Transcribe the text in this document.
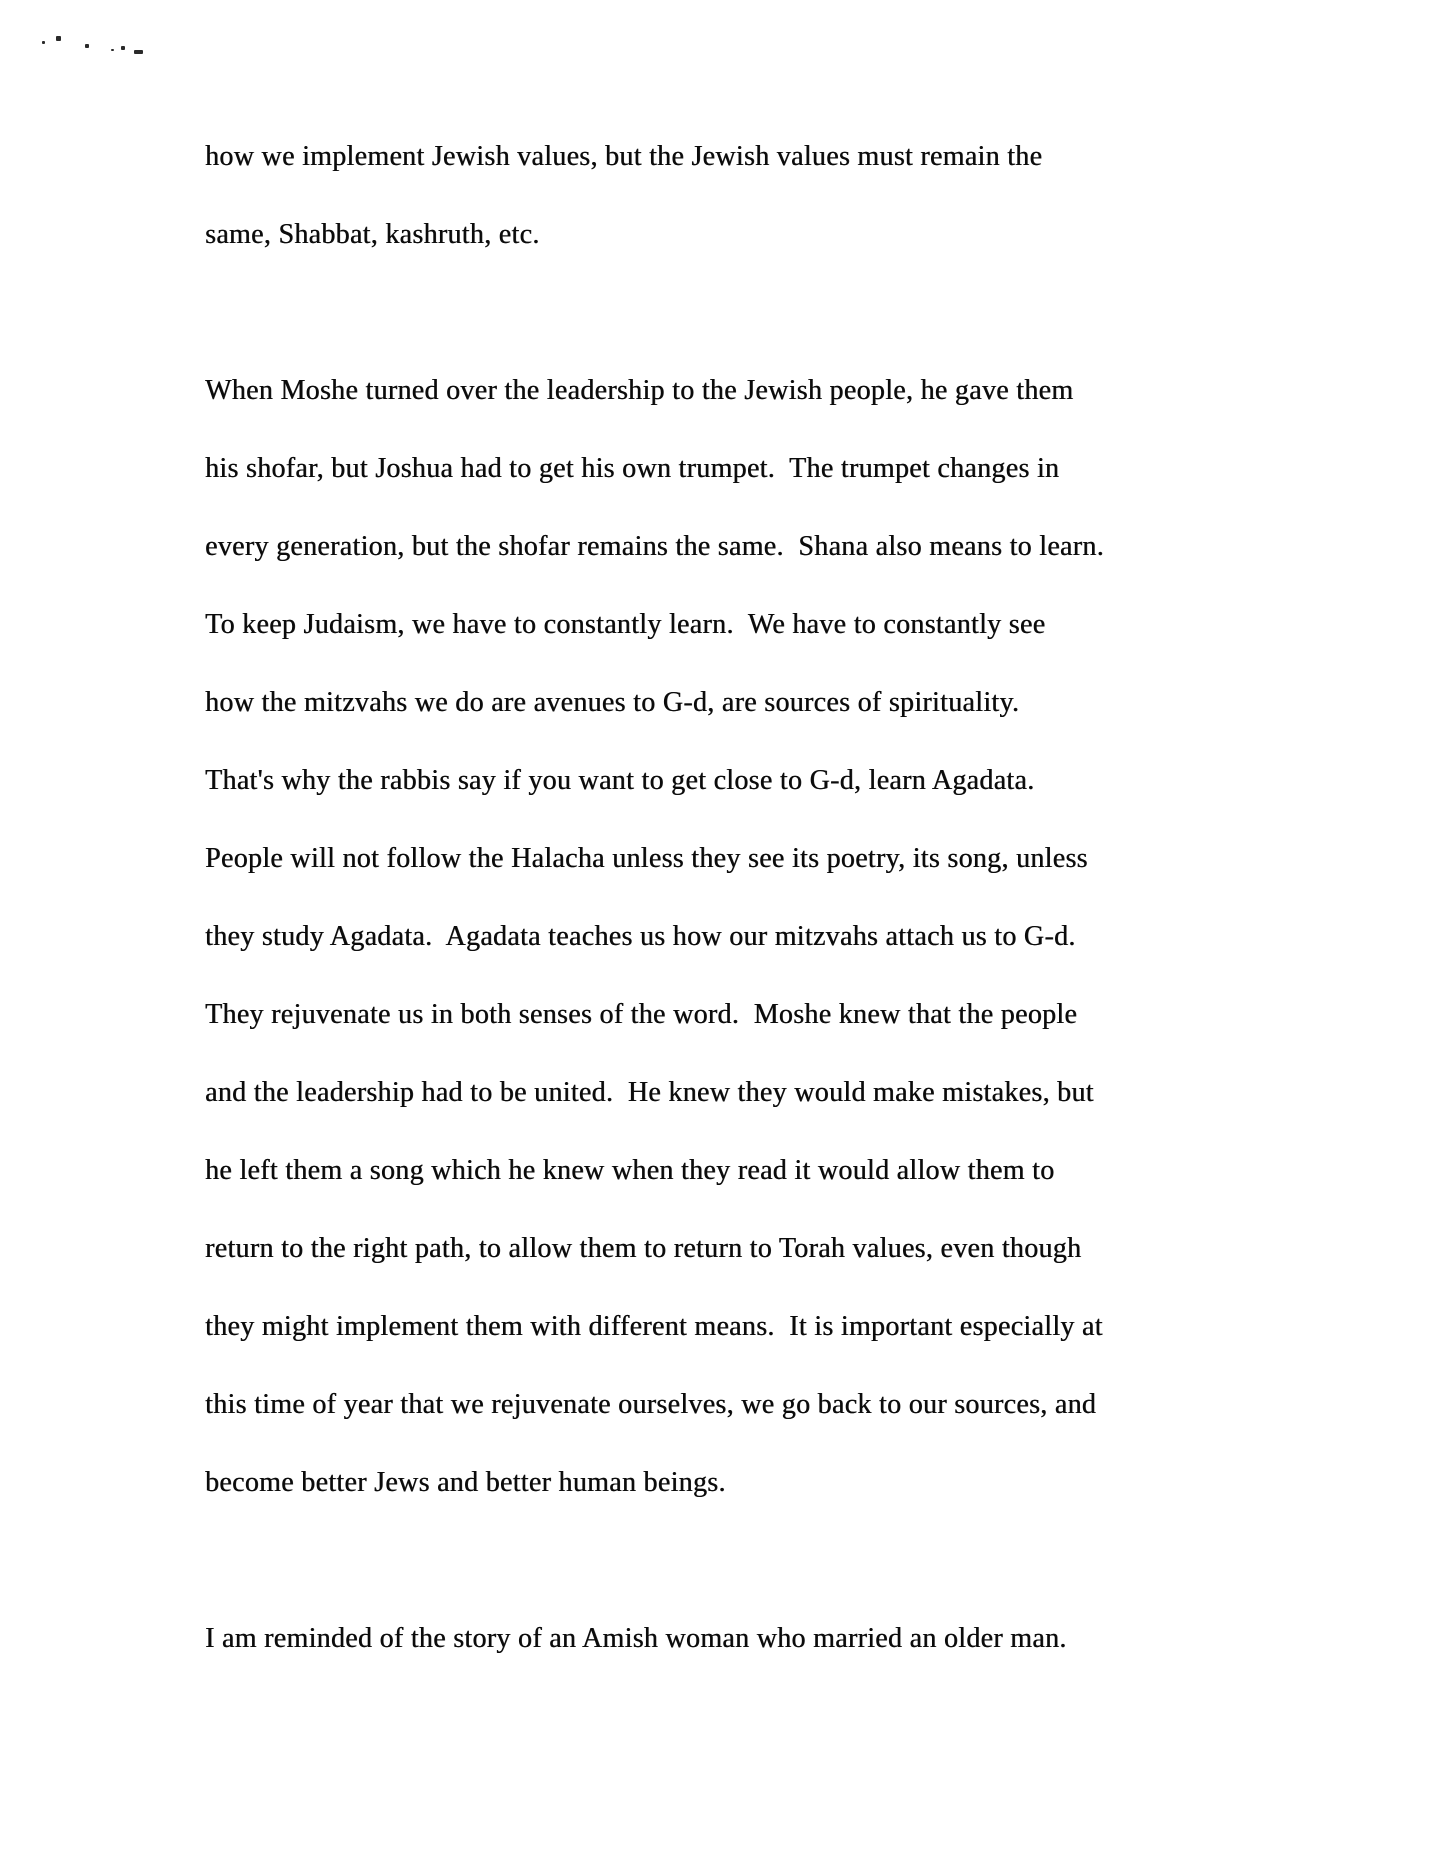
how we implement Jewish values, but the Jewish values must remain the
same, Shabbat, kashruth, etc.
When Moshe turned over the leadership to the Jewish people, he gave them
his shofar, but Joshua had to get his own trumpet.  The trumpet changes in
every generation, but the shofar remains the same.  Shana also means to learn.
To keep Judaism, we have to constantly learn.  We have to constantly see
how the mitzvahs we do are avenues to G-d, are sources of spirituality.
That's why the rabbis say if you want to get close to G-d, learn Agadata.
People will not follow the Halacha unless they see its poetry, its song, unless
they study Agadata.  Agadata teaches us how our mitzvahs attach us to G-d.
They rejuvenate us in both senses of the word.  Moshe knew that the people
and the leadership had to be united.  He knew they would make mistakes, but
he left them a song which he knew when they read it would allow them to
return to the right path, to allow them to return to Torah values, even though
they might implement them with different means.  It is important especially at
this time of year that we rejuvenate ourselves, we go back to our sources, and
become better Jews and better human beings.
I am reminded of the story of an Amish woman who married an older man.
